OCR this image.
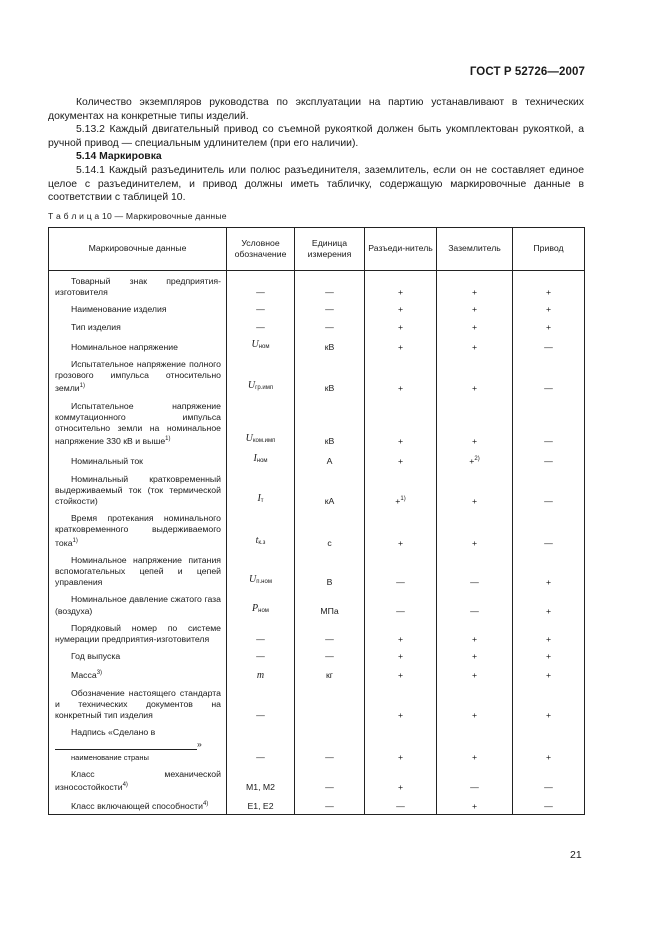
ГОСТ Р 52726—2007

Количество экземпляров руководства по эксплуатации на партию устанавливают в технических документах на конкретные типы изделий.

5.13.2 Каждый двигательный привод со съемной рукояткой должен быть укомплектован рукояткой, а ручной привод — специальным удлинителем (при его наличии).

5.14 Маркировка

5.14.1 Каждый разъединитель или полюс разъединителя, заземлитель, если он не составляет единое целое с разъединителем, и привод должны иметь табличку, содержащую маркировочные данные в соответствии с таблицей 10.

Т а б л и ц а 10 — Маркировочные данные
Маркировочные данные	Условное обозначение	Единица измерения	Разъеди-нитель	Заземлитель	Привод
Товарный знак предприятия-изготовителя	—	—	+	+	+
Наименование изделия	—	—	+	+	+
Тип изделия	—	—	+	+	+
Номинальное напряжение	Uном	кВ	+	+	—
Испытательное напряжение полного грозового импульса относительно земли$^{1)}$	Uгр.имп	кВ	+	+	—
Испытательное напряжение коммутационного импульса относительно земли на номинальное напряжение 330 кВ и выше$^{1)}$	Uком.имп	кВ	+	+	—
Номинальный ток	Iном	А	+	+$^{2)}$	—
Номинальный кратковременный выдерживаемый ток (ток термической стойкости)	Iт	кА	+$^{1)}$	+	—
Время протекания номинального кратковременного выдерживаемого тока$^{1)}$	tк.з	с	+	+	—
Номинальное напряжение питания вспомогательных цепей и цепей управления	Uп.ном	В	—	—	+
Номинальное давление сжатого газа (воздуха)	Pном	МПа	—	—	+
Порядковый номер по системе нумерации предприятия-изготовителя	—	—	+	+	+
Год выпуска	—	—	+	+	+
Масса$^{3)}$	m	кг	+	+	+
Обозначение настоящего стандарта и технических документов на конкретный тип изделия	—		+	+	+
Надпись «Сделано в
»
наименование страны	—	—	+	+	+
Класс механической износостойкости$^{4)}$	M1, M2	—	+	—	—
Класс включающей способности$^{4)}$	E1, E2	—	—	+	—
21
